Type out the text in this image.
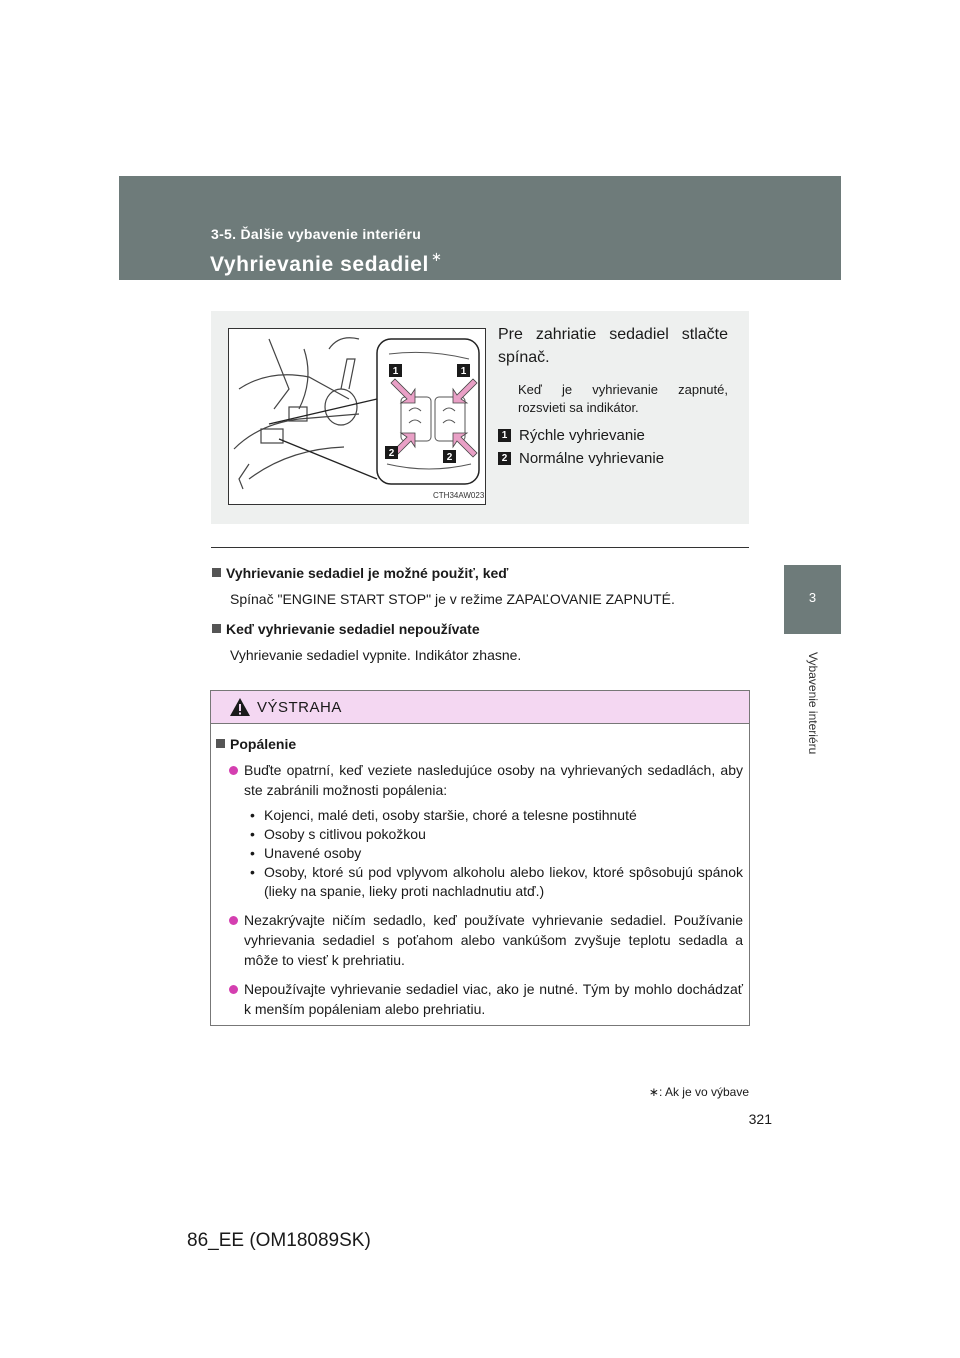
3-5. Ďalšie vybavenie interiéru
Vyhrievanie sedadiel ∗
3
Vybavenie interiéru
1	1
2	2
CTH34AW023

Pre zahriatie sedadiel stlačte spínač.

Keď je vyhrievanie zapnuté, rozsvieti sa indikátor.

1 Rýchle vyhrievanie
2 Normálne vyhrievanie

Vyhrievanie sedadiel je možné použiť, keď

Spínač "ENGINE START STOP" je v režime ZAPAĽOVANIE ZAPNUTÉ.

Keď vyhrievanie sedadiel nepoužívate

Vyhrievanie sedadiel vypnite. Indikátor zhasne.

VÝSTRAHA

Popálenie

Buďte opatrní, keď veziete nasledujúce osoby na vyhrievaných sedadlách, aby ste zabránili možnosti popálenia:
• Kojenci, malé deti, osoby staršie, choré a telesne postihnuté
• Osoby s citlivou pokožkou
• Unavené osoby
• Osoby, ktoré sú pod vplyvom alkoholu alebo liekov, ktoré spôsobujú spánok (lieky na spanie, lieky proti nachladnutiu atď.)
Nezakrývajte ničím sedadlo, keď používate vyhrievanie sedadiel. Používanie vyhrievania sedadiel s poťahom alebo vankúšom zvyšuje teplotu sedadla a môže to viesť k prehriatiu.
Nepoužívajte vyhrievanie sedadiel viac, ako je nutné. Tým by mohlo dochádzať k menším popáleniam alebo prehriatiu.
∗: Ak je vo výbave
321
86_EE (OM18089SK)
